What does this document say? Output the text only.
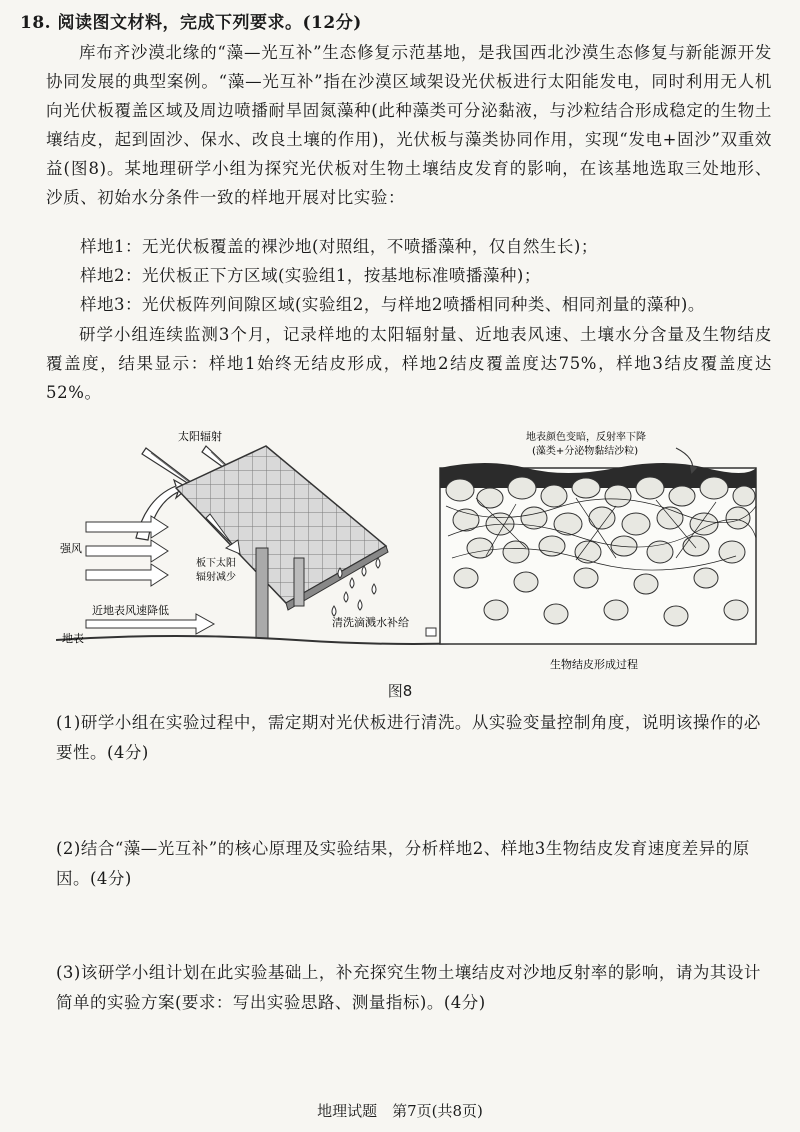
18. 阅读图文材料，完成下列要求。(12分)
库布齐沙漠北缘的“藻—光互补”生态修复示范基地，是我国西北沙漠生态修复与新能源开发协同发展的典型案例。“藻—光互补”指在沙漠区域架设光伏板进行太阳能发电，同时利用无人机向光伏板覆盖区域及周边喷播耐旱固氮藻种(此种藻类可分泌黏液，与沙粒结合形成稳定的生物土壤结皮，起到固沙、保水、改良土壤的作用)，光伏板与藻类协同作用，实现“发电+固沙”双重效益(图8)。某地理研学小组为探究光伏板对生物土壤结皮发育的影响，在该基地选取三处地形、沙质、初始水分条件一致的样地开展对比实验：
样地1：无光伏板覆盖的裸沙地(对照组，不喷播藻种，仅自然生长)；
样地2：光伏板正下方区域(实验组1，按基地标准喷播藻种)；
样地3：光伏板阵列间隙区域(实验组2，与样地2喷播相同种类、相同剂量的藻种)。
研学小组连续监测3个月，记录样地的太阳辐射量、近地表风速、土壤水分含量及生物结皮覆盖度，结果显示：样地1始终无结皮形成，样地2结皮覆盖度达75%，样地3结皮覆盖度达52%。
太阳辐射
板下太阳
辐射减少
强风
近地表风速降低
地表
清洗滴溅水补给
地表颜色变暗，反射率下降
(藻类+分泌物黏结沙粒)
生物结皮形成过程
图8
(1)研学小组在实验过程中，需定期对光伏板进行清洗。从实验变量控制角度，说明该操作的必要性。(4分)
(2)结合“藻—光互补”的核心原理及实验结果，分析样地2、样地3生物结皮发育速度差异的原因。(4分)
(3)该研学小组计划在此实验基础上，补充探究生物土壤结皮对沙地反射率的影响，请为其设计简单的实验方案(要求：写出实验思路、测量指标)。(4分)
地理试题　第7页(共8页)
